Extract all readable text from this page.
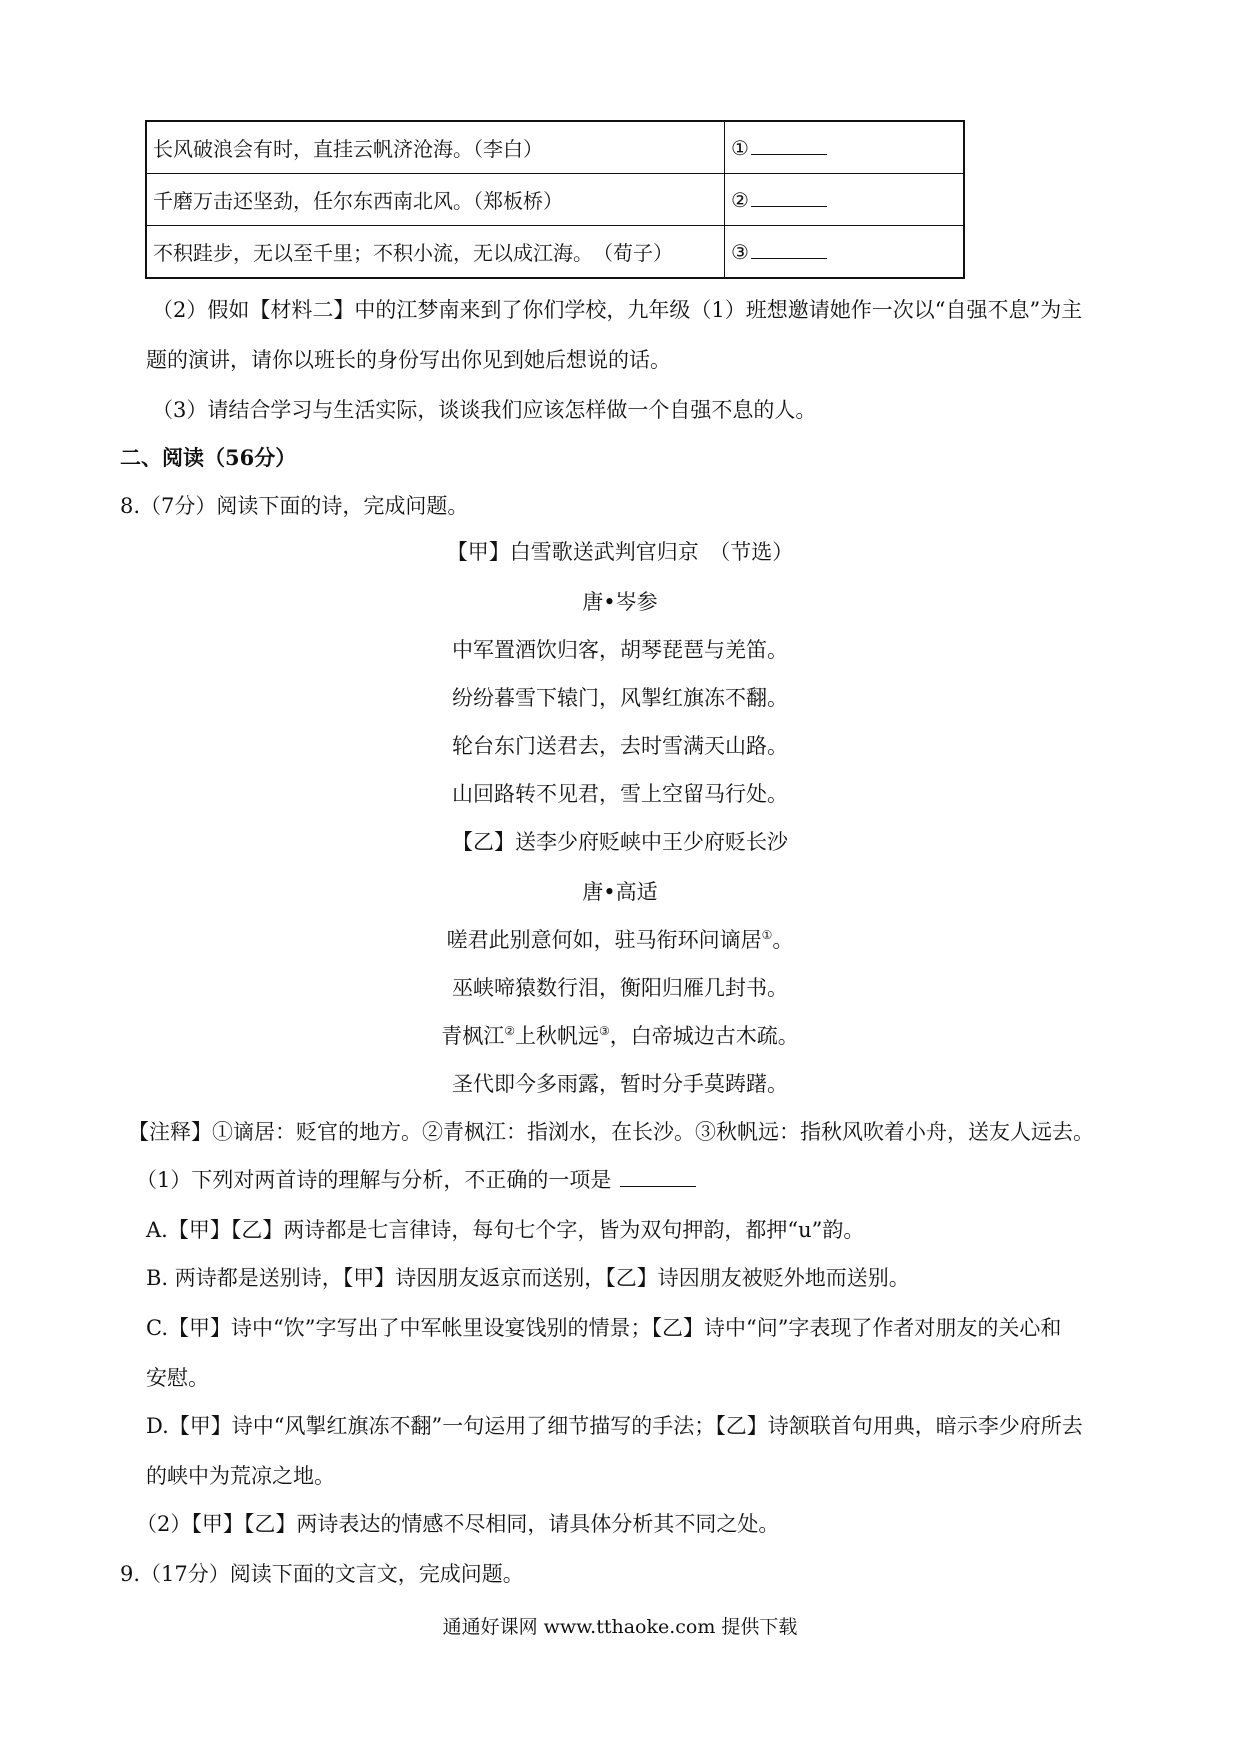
长风破浪会有时，直挂云帆济沧海。（李白）	①
千磨万击还坚劲，任尔东西南北风。（郑板桥）	②
不积跬步，无以至千里；不积小流，无以成江海。　（荀子）	③
（2）假如【材料二】中的江梦南来到了你们学校，九年级（1）班想邀请她作一次以“自强不息”为主
题的演讲，请你以班长的身份写出你见到她后想说的话。
（3）请结合学习与生活实际，谈谈我们应该怎样做一个自强不息的人。
二、阅读（56分）
8.（7分）阅读下面的诗，完成问题。
【甲】白雪歌送武判官归京　（节选）
唐•岑参
中军置酒饮归客，胡琴琵琶与羌笛。
纷纷暮雪下辕门，风掣红旗冻不翻。
轮台东门送君去，去时雪满天山路。
山回路转不见君，雪上空留马行处。
【乙】送李少府贬峡中王少府贬长沙
唐•高适
嗟君此别意何如，驻马衔环问谪居①。
巫峡啼猿数行泪，衡阳归雁几封书。
青枫江②上秋帆远③，白帝城边古木疏。
圣代即今多雨露，暂时分手莫踌躇。
【注释】①谪居：贬官的地方。②青枫江：指浏水，在长沙。③秋帆远：指秋风吹着小舟，送友人远去。
（1）下列对两首诗的理解与分析，不正确的一项是
A.【甲】【乙】两诗都是七言律诗，每句七个字，皆为双句押韵，都押“u”韵。
B. 两诗都是送别诗，【甲】诗因朋友返京而送别，【乙】诗因朋友被贬外地而送别。
C.【甲】诗中“饮”字写出了中军帐里设宴饯别的情景；【乙】诗中“问”字表现了作者对朋友的关心和
安慰。
D.【甲】诗中“风掣红旗冻不翻”一句运用了细节描写的手法；【乙】诗颔联首句用典，暗示李少府所去
的峡中为荒凉之地。
（2）【甲】【乙】两诗表达的情感不尽相同，请具体分析其不同之处。
9.（17分）阅读下面的文言文，完成问题。
通通好课网 www.tthaoke.com 提供下载
